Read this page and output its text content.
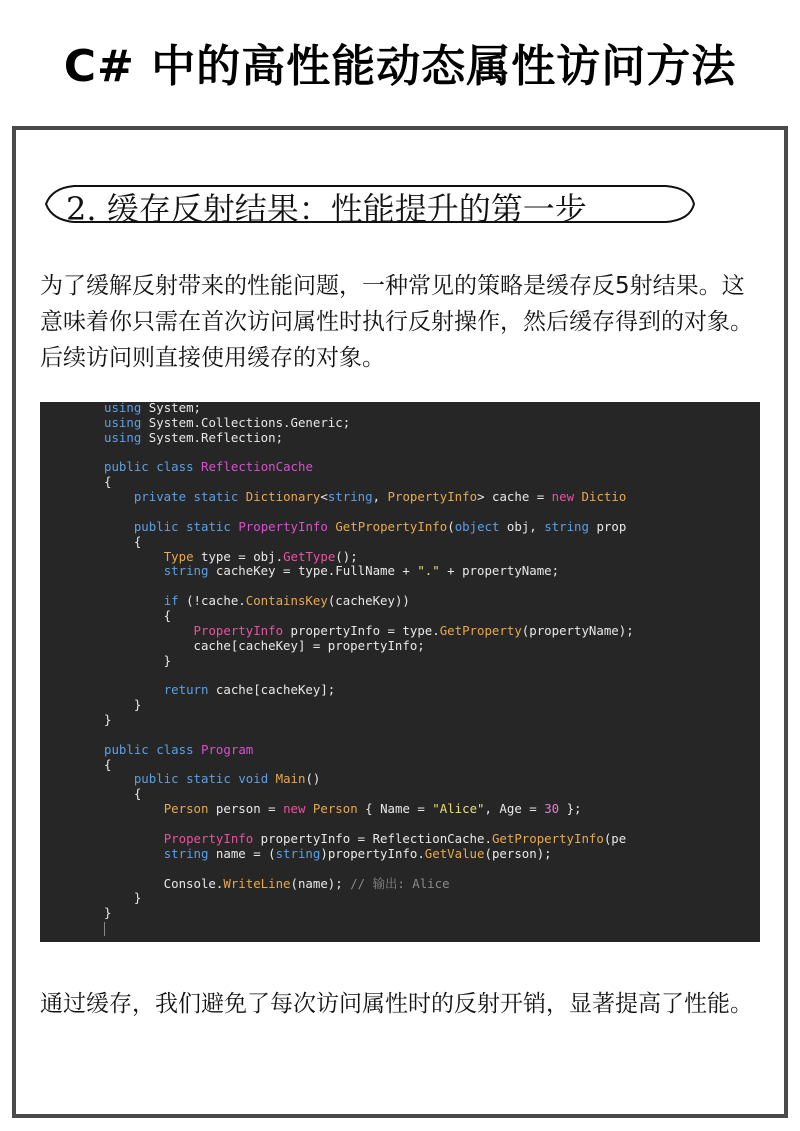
C# 中的高性能动态属性访问方法
2. 缓存反射结果：性能提升的第一步
为了缓解反射带来的性能问题，一种常见的策略是缓存反5射结果。这意味着你只需在首次访问属性时执行反射操作，然后缓存得到的对象。后续访问则直接使用缓存的对象。
using System;
using System.Collections.Generic;
using System.Reflection;

public class ReflectionCache
{
private static Dictionary<string, PropertyInfo> cache = new Dictio

public static PropertyInfo GetPropertyInfo(object obj, string prop
{
Type type = obj.GetType();
string cacheKey = type.FullName + "." + propertyName;

if (!cache.ContainsKey(cacheKey))
{
PropertyInfo propertyInfo = type.GetProperty(propertyName);
cache[cacheKey] = propertyInfo;
}

return cache[cacheKey];
}
}

public class Program
{
public static void Main()
{
Person person = new Person { Name = "Alice", Age = 30 };

PropertyInfo propertyInfo = ReflectionCache.GetPropertyInfo(pe
string name = (string)propertyInfo.GetValue(person);

Console.WriteLine(name); // 输出: Alice
}
}
通过缓存，我们避免了每次访问属性时的反射开销，显著提高了性能。
